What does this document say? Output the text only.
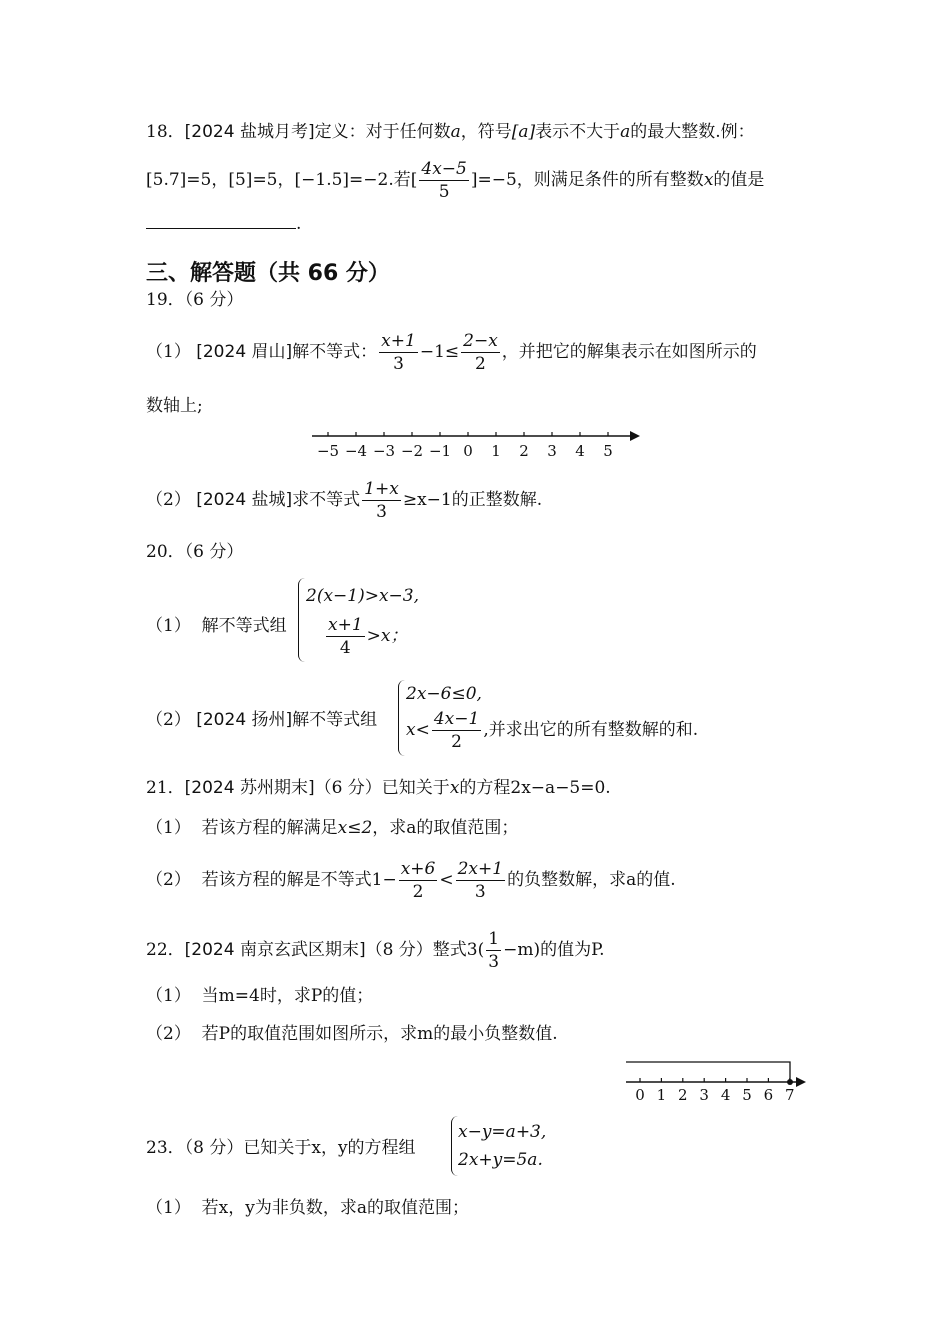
18．[2024 盐城月考]定义：对于任何数a，符号[a]表示不大于a的最大整数.例：
[5.7]=5，[5]=5，[−1.5]=−2.若[ $\frac{4x-5}{5} ]=-5$，则满足条件的所有整数x的值是
.
三、解答题（共 66 分）
19．（6 分）
（1） [2024 眉山]解不等式： $\frac{x+1}{3} -1\le \frac{2-x}{2}$ ，并把它的解集表示在如图所示的
数轴上;
−5 −4 −3 −2 −1 0 1 2 3 4 5
（2） [2024 盐城]求不等式 $\frac{1+x}{3} \ge x-1$的正整数解.
20．（6 分）
（1） 解不等式组
2(x−1)>x−3,
$\frac{x+1}{4} >x$；
（2） [2024 扬州]解不等式组
2x−6≤0,
$x< \frac{4x-1}{2}$ ,并求出它的所有整数解的和.
21．[2024 苏州期末]（6 分）已知关于x的方程2x−a−5=0.
（1） 若该方程的解满足x≤2，求a的取值范围；
（2） 若该方程的解是不等式$1- \frac{x+6}{2} < \frac{2x+1}{3}$ 的负整数解，求a的值.
22．[2024 南京玄武区期末]（8 分）整式$3( \frac{1}{3} -m)$的值为P.
（1） 当m=4时，求P的值；
（2） 若P的取值范围如图所示，求m的最小负整数值.
0 1 2 3 4 5 6 7
23．（8 分）已知关于x，y的方程组
x−y=a+3,
2x+y=5a.
（1） 若x，y为非负数，求a的取值范围；
